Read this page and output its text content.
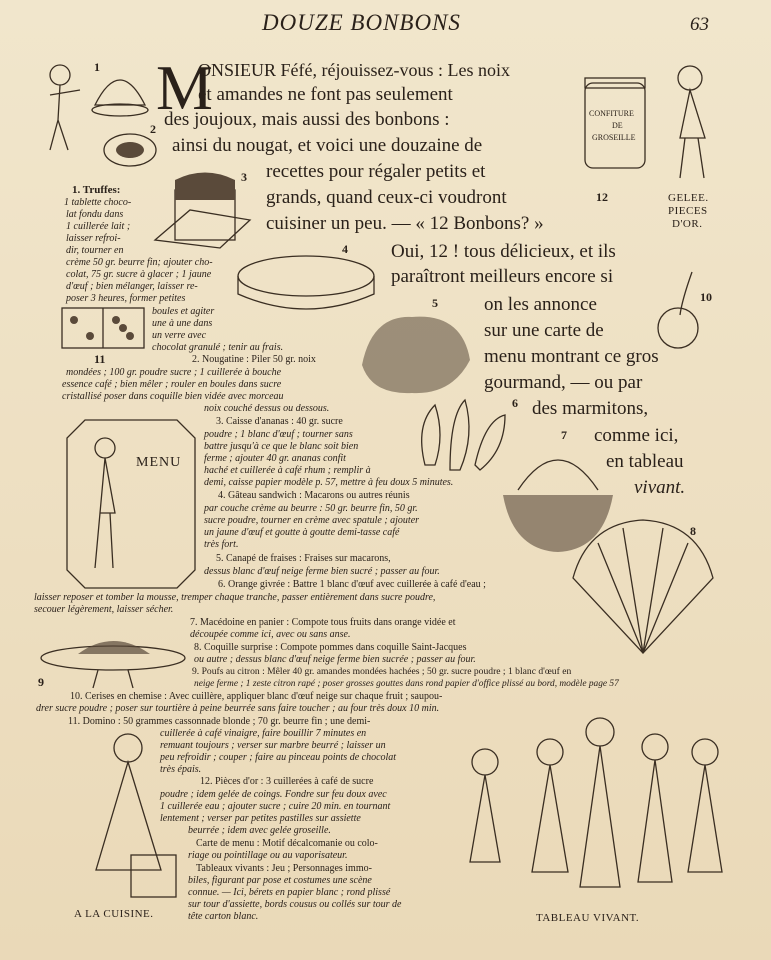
DOUZE BONBONS	63
M
ONSIEUR Féfé, réjouissez-vous : Les noix
et amandes ne font pas seulement
des joujoux, mais aussi des bonbons :
ainsi du nougat, et voici une douzaine de
recettes pour régaler petits et
grands, quand ceux-ci voudront
cuisiner un peu. — « 12 Bonbons? »
Oui, 12 ! tous délicieux, et ils
paraîtront meilleurs encore si
on les annonce
sur une carte de
menu montrant ce gros
gourmand, — ou par
des marmitons,
comme ici,
en tableau
vivant.
1
2
3
4
5
6
7
8
9
10
11
12	GELEE.
PIECES
D'OR.
A LA CUISINE.	TABLEAU VIVANT.
CONFITURE
DE
GROSEILLE
MENU
1. Truffes:
1 tablette choco-
lat fondu dans
1 cuillerée lait ;
laisser refroi-
dir, tourner en
crème 50 gr. beurre fin; ajouter cho-
colat, 75 gr. sucre à glacer ; 1 jaune
d'œuf ; bien mélanger, laisser re-
poser 3 heures, former petites
boules et agiter
une à une dans
un verre avec
chocolat granulé ; tenir au frais.
2. Nougatine : Piler 50 gr. noix
mondées ; 100 gr. poudre sucre ; 1 cuillerée à bouche
essence café ; bien mêler ; rouler en boules dans sucre
cristallisé poser dans coquille bien vidée avec morceau
noix couché dessus ou dessous.
3. Caisse d'ananas : 40 gr. sucre
poudre ; 1 blanc d'œuf ; tourner sans
battre jusqu'à ce que le blanc soit bien
ferme ; ajouter 40 gr. ananas confit
haché et cuillerée à café rhum ; remplir à
demi, caisse papier modèle p. 57, mettre à feu doux 5 minutes.
4. Gâteau sandwich : Macarons ou autres réunis
par couche crème au beurre : 50 gr. beurre fin, 50 gr.
sucre poudre, tourner en crème avec spatule ; ajouter
un jaune d'œuf et goutte à goutte demi-tasse café
très fort.
5. Canapé de fraises : Fraises sur macarons,
dessus blanc d'œuf neige ferme bien sucré ; passer au four.
6. Orange givrée : Battre 1 blanc d'œuf avec cuillerée à café d'eau ;
laisser reposer et tomber la mousse, tremper chaque tranche, passer entièrement dans sucre poudre,
secouer légèrement, laisser sécher.
7. Macédoine en panier : Compote tous fruits dans orange vidée et
découpée comme ici, avec ou sans anse.
8. Coquille surprise : Compote pommes dans coquille Saint-Jacques
ou autre ; dessus blanc d'œuf neige ferme bien sucrée ; passer au four.
9. Poufs au citron : Mêler 40 gr. amandes mondées hachées ; 50 gr. sucre poudre ; 1 blanc d'œuf en
neige ferme ; 1 zeste citron rapé ; poser grosses gouttes dans rond papier d'office plissé au bord, modèle page 57
10. Cerises en chemise : Avec cuillère, appliquer blanc d'œuf neige sur chaque fruit ; saupou-
drer sucre poudre ; poser sur tourtière à peine beurrée sans faire toucher ; au four très doux 10 min.
11. Domino : 50 grammes cassonnade blonde ; 70 gr. beurre fin ; une demi-
cuillerée à café vinaigre, faire bouillir 7 minutes en
remuant toujours ; verser sur marbre beurré ; laisser un
peu refroidir ; couper ; faire au pinceau points de chocolat
très épais.
12. Pièces d'or : 3 cuillerées à café de sucre
poudre ; idem gelée de coings. Fondre sur feu doux avec
1 cuillerée eau ; ajouter sucre ; cuire 20 min. en tournant
lentement ; verser par petites pastilles sur assiette
beurrée ; idem avec gelée groseille.
Carte de menu : Motif décalcomanie ou colo-
riage ou pointillage ou au vaporisateur.
Tableaux vivants : Jeu ; Personnages immo-
biles, figurant par pose et costumes une scène
connue. — Ici, bérets en papier blanc ; rond plissé
sur tour d'assiette, bords cousus ou collés sur tour de
tête carton blanc.
